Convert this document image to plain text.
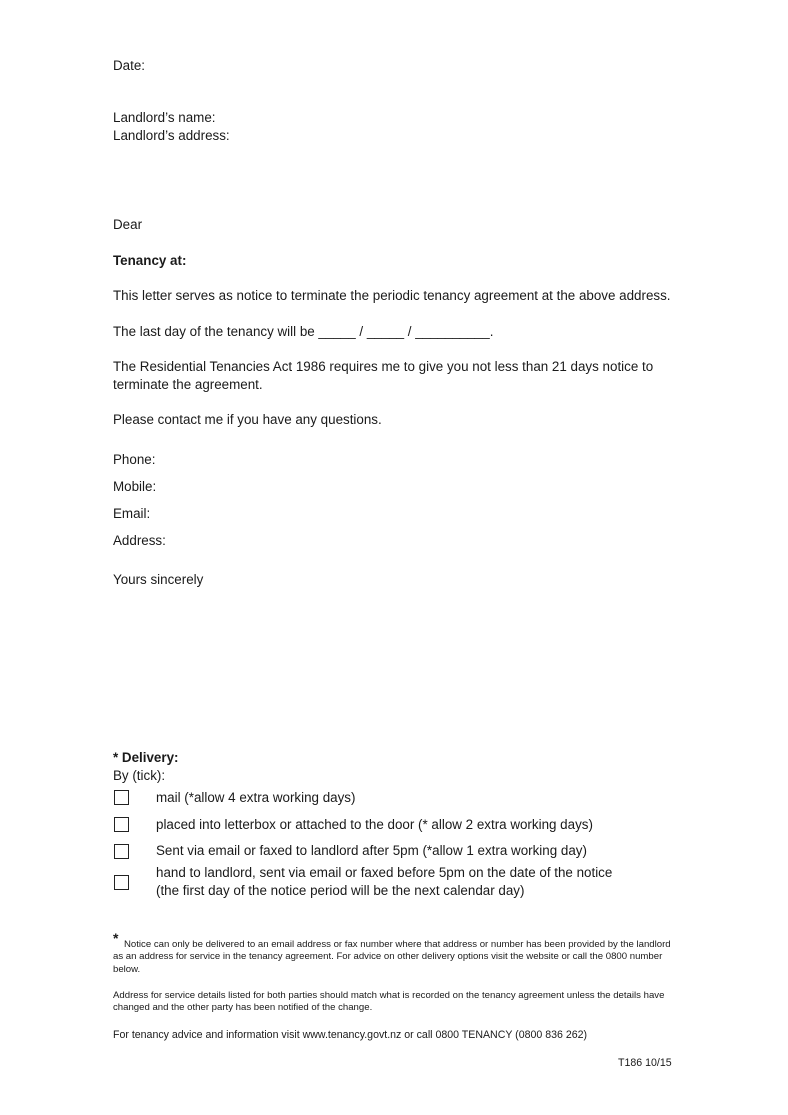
Date:
Landlord’s name:
Landlord’s address:
Dear
Tenancy at:
This letter serves as notice to terminate the periodic tenancy agreement at the above address.
The last day of the tenancy will be _____ / _____ / __________.
The Residential Tenancies Act 1986 requires me to give you not less than 21 days notice to
terminate the agreement.
Please contact me if you have any questions.
Phone:
Mobile:
Email:
Address:
Yours sincerely
* Delivery:
By (tick):
mail (*allow 4 extra working days)
placed into letterbox or attached to the door (* allow 2 extra working days)
Sent via email or faxed to landlord after 5pm (*allow 1 extra working day)
hand to landlord, sent via email or faxed before 5pm on the date of the notice
(the first day of the notice period will be the next calendar day)
* Notice can only be delivered to an email address or fax number where that address or number has been provided by the landlord as an address for service in the tenancy agreement. For advice on other delivery options visit the website or call the 0800 number below.
Address for service details listed for both parties should match what is recorded on the tenancy agreement unless the details have changed and the other party has been notified of the change.
For tenancy advice and information visit www.tenancy.govt.nz or call 0800 TENANCY (0800 836 262)
T186 10/15
